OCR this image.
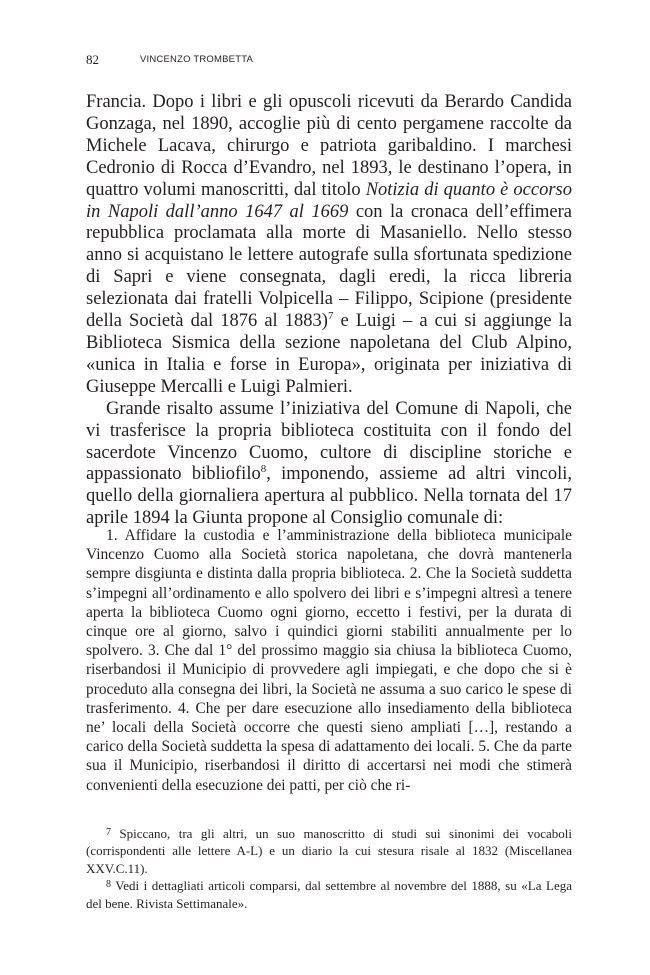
82	VINCENZO TROMBETTA

Francia. Dopo i libri e gli opuscoli ricevuti da Berardo Candida Gonzaga, nel 1890, accoglie più di cento pergamene raccolte da Michele Lacava, chirurgo e patriota garibaldino. I marchesi Cedronio di Rocca d’Evandro, nel 1893, le destinano l’opera, in quattro volumi manoscritti, dal titolo Notizia di quanto è occorso in Napoli dall’anno 1647 al 1669 con la cronaca dell’effimera repubblica proclamata alla morte di Masaniello. Nello stesso anno si acquistano le lettere autografe sulla sfortunata spedizione di Sapri e viene consegnata, dagli eredi, la ricca libreria selezionata dai fratelli Volpicella – Filippo, Scipione (presidente della Società dal 1876 al 1883)$^7$ e Luigi – a cui si aggiunge la Biblioteca Sismica della sezione napoletana del Club Alpino, «unica in Italia e forse in Europa», originata per iniziativa di Giuseppe Mercalli e Luigi Palmieri.

Grande risalto assume l’iniziativa del Comune di Napoli, che vi trasferisce la propria biblioteca costituita con il fondo del sacerdote Vincenzo Cuomo, cultore di discipline storiche e appassionato bibliofilo$^8$, imponendo, assieme ad altri vincoli, quello della giornaliera apertura al pubblico. Nella tornata del 17 aprile 1894 la Giunta propone al Consiglio comunale di:

1. Affidare la custodia e l’amministrazione della biblioteca municipale Vincenzo Cuomo alla Società storica napoletana, che dovrà mantenerla sempre disgiunta e distinta dalla propria biblioteca. 2. Che la Società suddetta s’impegni all’ordinamento e allo spolvero dei libri e s’impegni altresì a tenere aperta la biblioteca Cuomo ogni giorno, eccetto i festivi, per la durata di cinque ore al giorno, salvo i quindici giorni stabiliti annualmente per lo spolvero. 3. Che dal 1° del prossimo maggio sia chiusa la biblioteca Cuomo, riserbandosi il Municipio di provvedere agli impiegati, e che dopo che si è proceduto alla consegna dei libri, la Società ne assuma a suo carico le spese di trasferimento. 4. Che per dare esecuzione allo insediamento della biblioteca ne’ locali della Società occorre che questi sieno ampliati […], restando a carico della Società suddetta la spesa di adattamento dei locali. 5. Che da parte sua il Municipio, riserbandosi il diritto di accertarsi nei modi che stimerà convenienti della esecuzione dei patti, per ciò che ri-

$^7$ Spiccano, tra gli altri, un suo manoscritto di studi sui sinonimi dei vocaboli (corrispondenti alle lettere A-L) e un diario la cui stesura risale al 1832 (Miscellanea XXV.C.11).

$^8$ Vedi i dettagliati articoli comparsi, dal settembre al novembre del 1888, su «La Lega del bene. Rivista Settimanale».
